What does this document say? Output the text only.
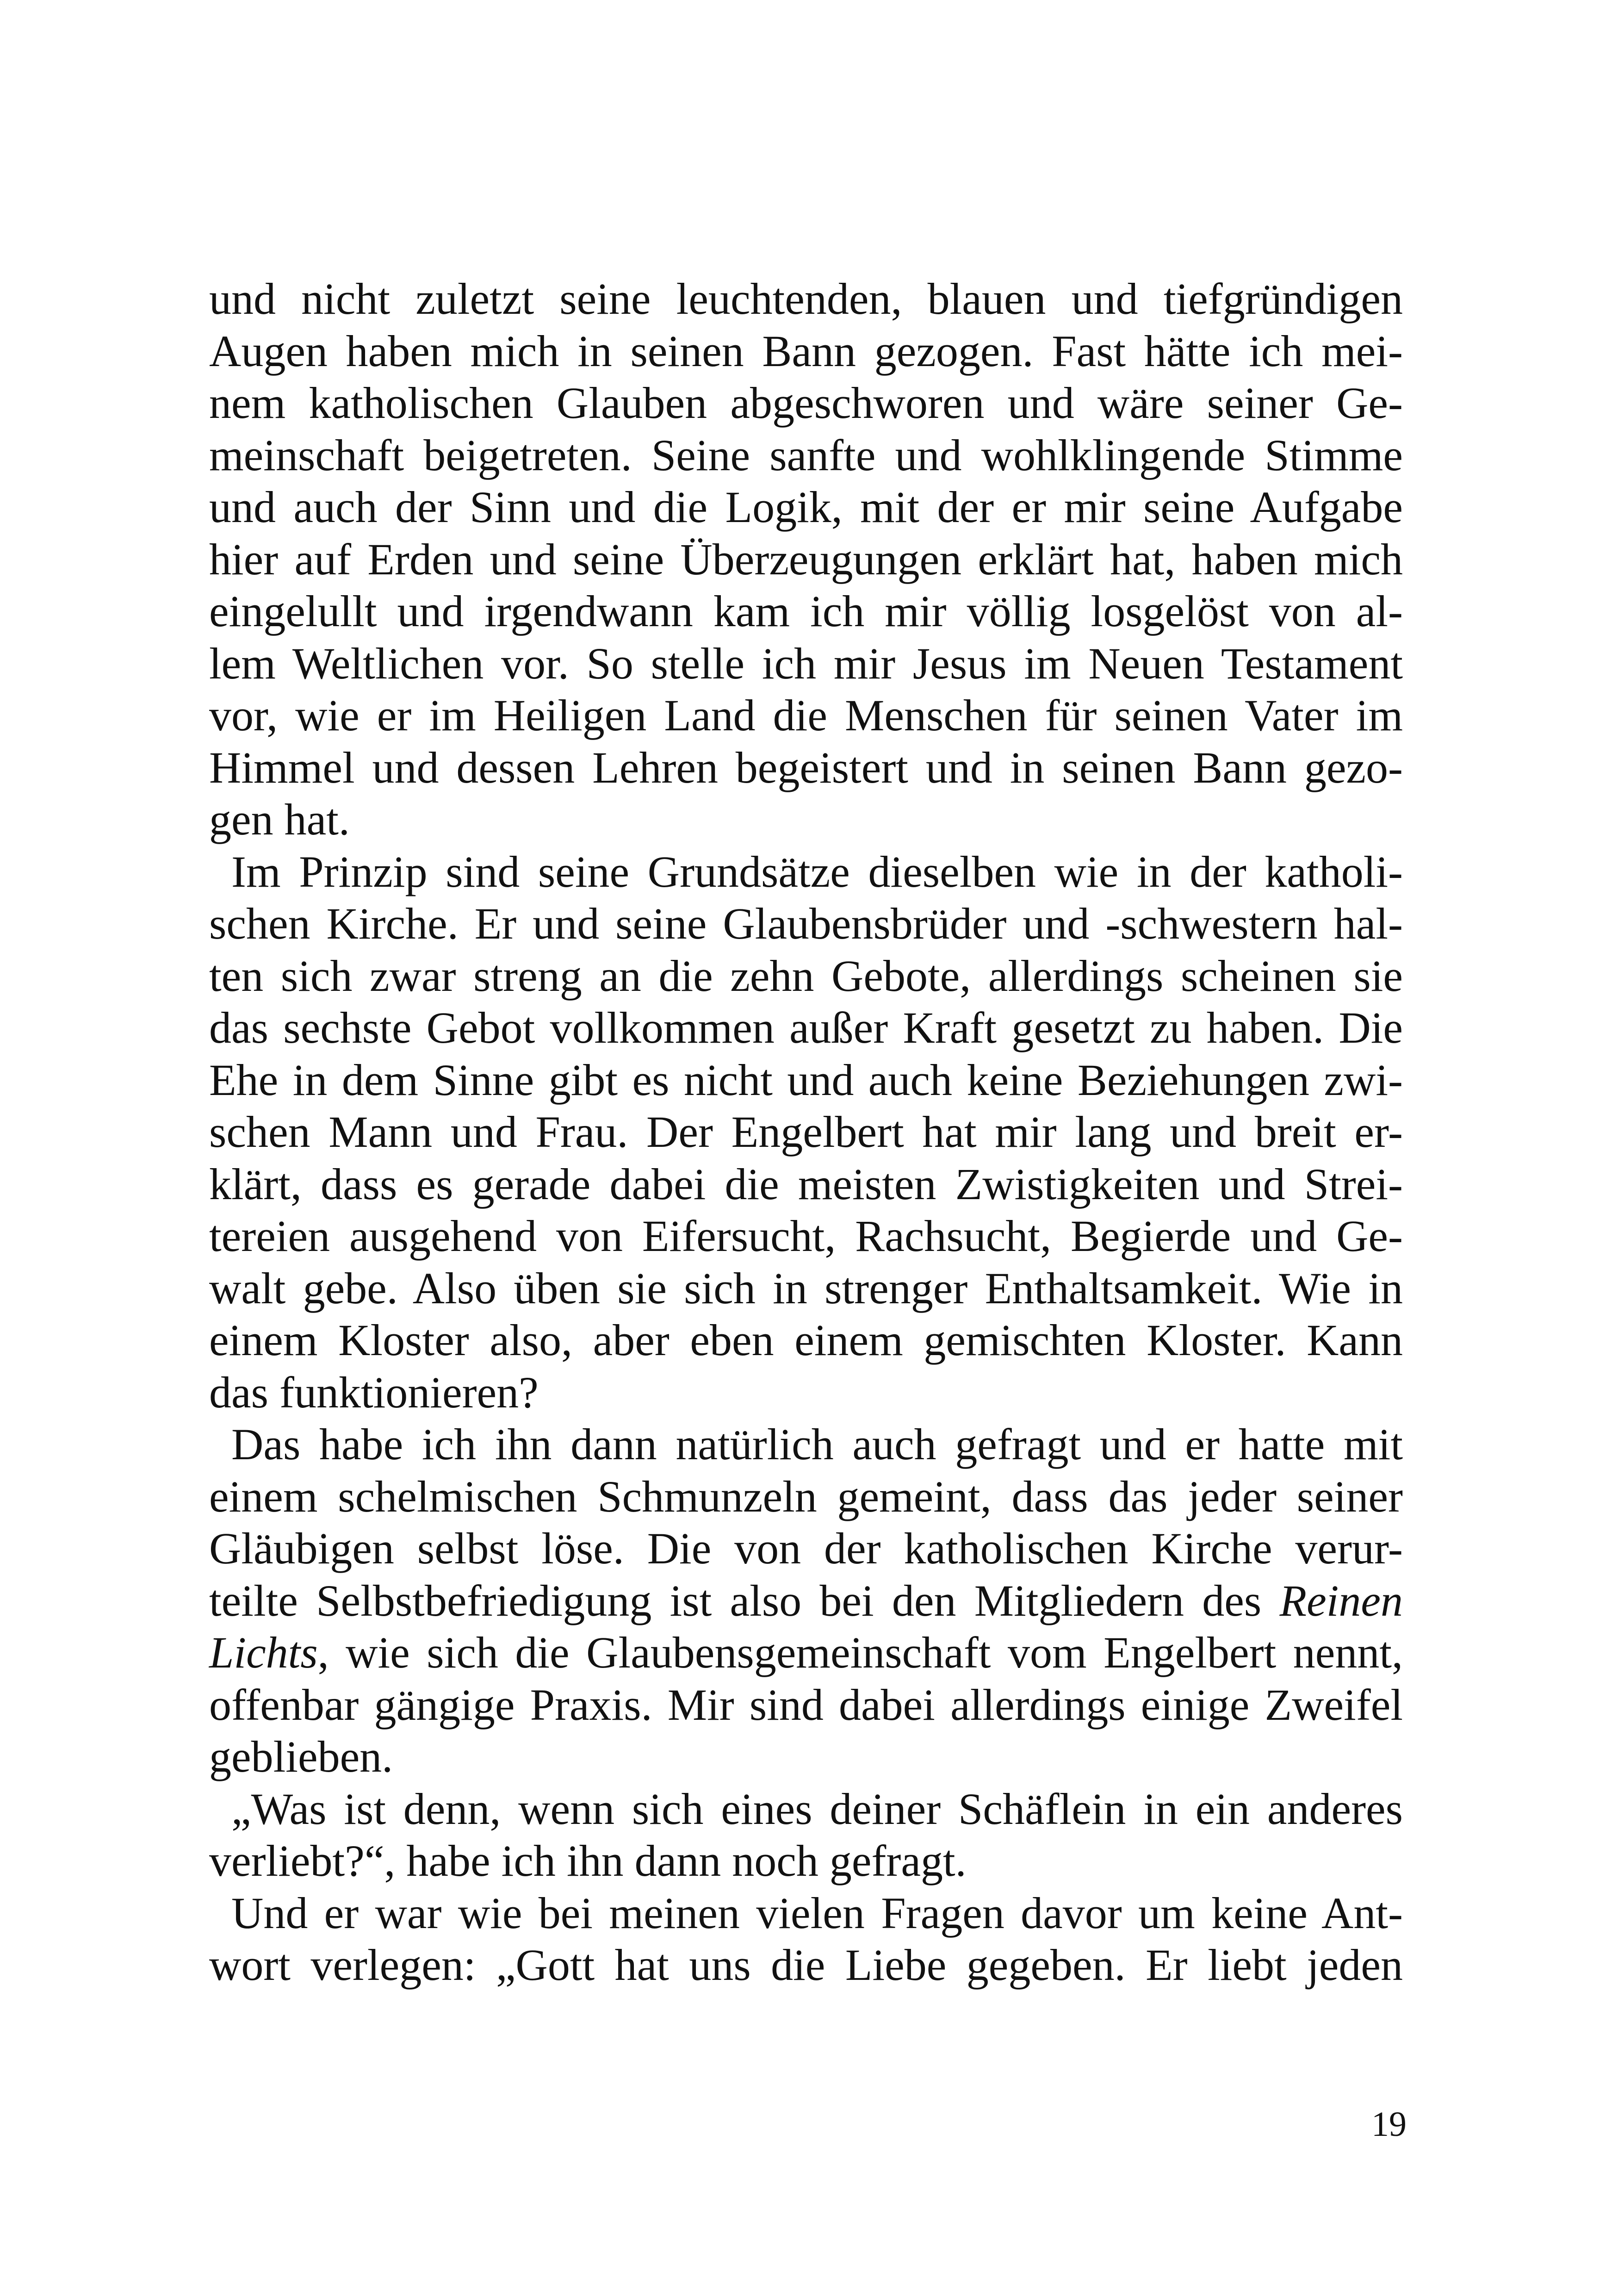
und nicht zuletzt seine leuchtenden, blauen und tiefgründigen
Augen haben mich in seinen Bann gezogen. Fast hätte ich mei-
nem katholischen Glauben abgeschworen und wäre seiner Ge-
meinschaft beigetreten. Seine sanfte und wohlklingende Stimme
und auch der Sinn und die Logik, mit der er mir seine Aufgabe
hier auf Erden und seine Überzeugungen erklärt hat, haben mich
eingelullt und irgendwann kam ich mir völlig losgelöst von al-
lem Weltlichen vor. So stelle ich mir Jesus im Neuen Testament
vor, wie er im Heiligen Land die Menschen für seinen Vater im
Himmel und dessen Lehren begeistert und in seinen Bann gezo-
gen hat.
Im Prinzip sind seine Grundsätze dieselben wie in der katholi-
schen Kirche. Er und seine Glaubensbrüder und -schwestern hal-
ten sich zwar streng an die zehn Gebote, allerdings scheinen sie
das sechste Gebot vollkommen außer Kraft gesetzt zu haben. Die
Ehe in dem Sinne gibt es nicht und auch keine Beziehungen zwi-
schen Mann und Frau. Der Engelbert hat mir lang und breit er-
klärt, dass es gerade dabei die meisten Zwistigkeiten und Strei-
tereien ausgehend von Eifersucht, Rachsucht, Begierde und Ge-
walt gebe. Also üben sie sich in strenger Enthaltsamkeit. Wie in
einem Kloster also, aber eben einem gemischten Kloster. Kann
das funktionieren?
Das habe ich ihn dann natürlich auch gefragt und er hatte mit
einem schelmischen Schmunzeln gemeint, dass das jeder seiner
Gläubigen selbst löse. Die von der katholischen Kirche verur-
teilte Selbstbefriedigung ist also bei den Mitgliedern des Reinen
Lichts, wie sich die Glaubensgemeinschaft vom Engelbert nennt,
offenbar gängige Praxis. Mir sind dabei allerdings einige Zweifel
geblieben.
„Was ist denn, wenn sich eines deiner Schäflein in ein anderes
verliebt?“, habe ich ihn dann noch gefragt.
Und er war wie bei meinen vielen Fragen davor um keine Ant-
wort verlegen: „Gott hat uns die Liebe gegeben. Er liebt jeden
19
